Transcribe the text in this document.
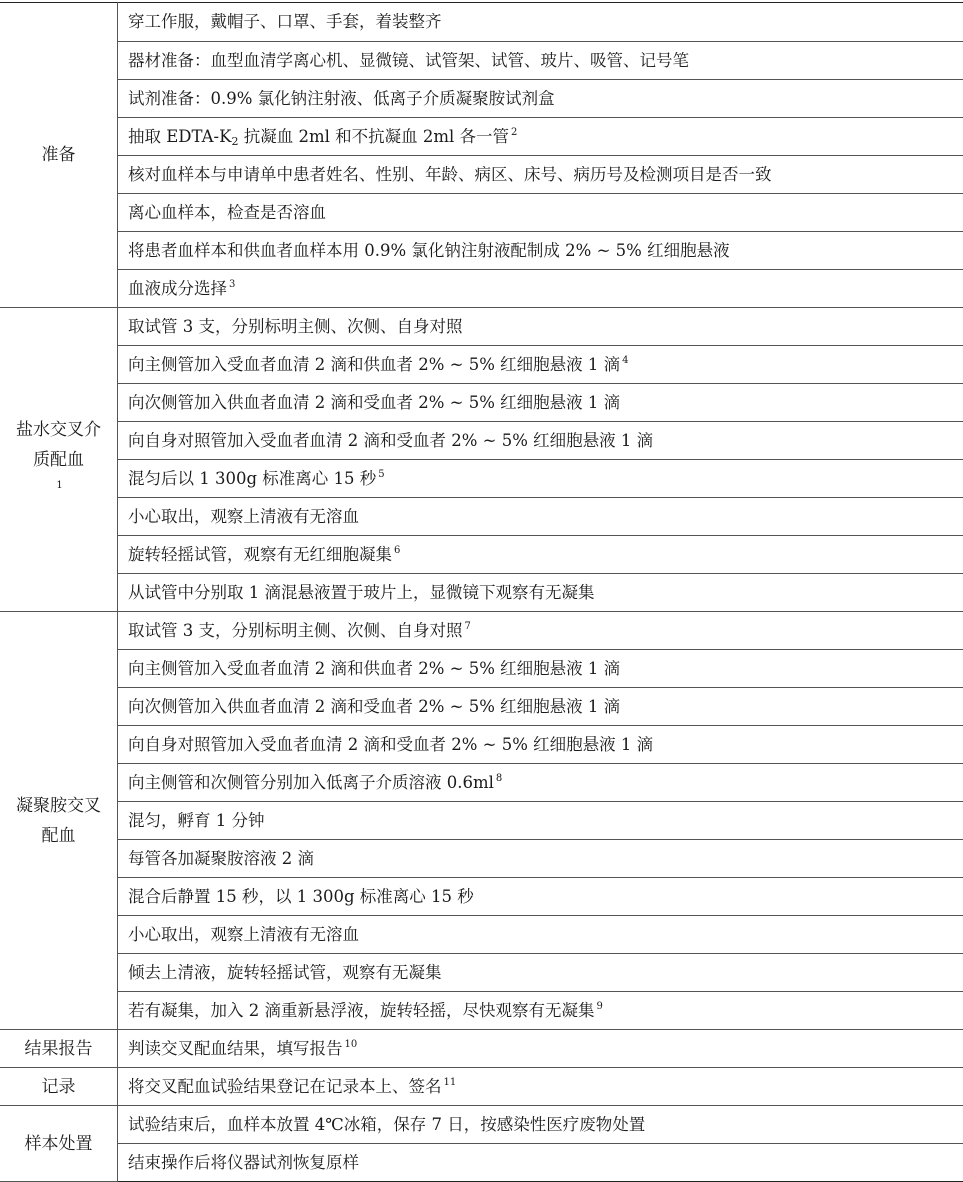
准备	穿工作服，戴帽子、口罩、手套，着装整齐
	器材准备：血型血清学离心机、显微镜、试管架、试管、玻片、吸管、记号笔
	试剂准备：0.9% 氯化钠注射液、低离子介质凝聚胺试剂盒
	抽取 EDTA-$K_2$ 抗凝血 2ml 和不抗凝血 2ml 各一管 $^2$
	核对血样本与申请单中患者姓名、性别、年龄、病区、床号、病历号及检测项目是否一致
	离心血样本，检查是否溶血
	将患者血样本和供血者血样本用 0.9% 氯化钠注射液配制成 2% ~ 5% 红细胞悬液
	血液成分选择 $^3$
盐水交叉介质配血$^1$	取试管 3 支，分别标明主侧、次侧、自身对照
	向主侧管加入受血者血清 2 滴和供血者 2% ~ 5% 红细胞悬液 1 滴 $^4$
	向次侧管加入供血者血清 2 滴和受血者 2% ~ 5% 红细胞悬液 1 滴
	向自身对照管加入受血者血清 2 滴和受血者 2% ~ 5% 红细胞悬液 1 滴
	混匀后以 1 300g 标准离心 15 秒 $^5$
	小心取出，观察上清液有无溶血
	旋转轻摇试管，观察有无红细胞凝集 $^6$
	从试管中分别取 1 滴混悬液置于玻片上，显微镜下观察有无凝集
凝聚胺交叉配血	取试管 3 支，分别标明主侧、次侧、自身对照 $^7$
	向主侧管加入受血者血清 2 滴和供血者 2% ~ 5% 红细胞悬液 1 滴
	向次侧管加入供血者血清 2 滴和受血者 2% ~ 5% 红细胞悬液 1 滴
	向自身对照管加入受血者血清 2 滴和受血者 2% ~ 5% 红细胞悬液 1 滴
	向主侧管和次侧管分别加入低离子介质溶液 0.6ml $^8$
	混匀，孵育 1 分钟
	每管各加凝聚胺溶液 2 滴
	混合后静置 15 秒，以 1 300g 标准离心 15 秒
	小心取出，观察上清液有无溶血
	倾去上清液，旋转轻摇试管，观察有无凝集
	若有凝集，加入 2 滴重新悬浮液，旋转轻摇，尽快观察有无凝集 $^9$
结果报告	判读交叉配血结果，填写报告 $^{10}$
记录	将交叉配血试验结果登记在记录本上、签名 $^{11}$
样本处置	试验结束后，血样本放置 4℃冰箱，保存 7 日，按感染性医疗废物处置
	结束操作后将仪器试剂恢复原样
